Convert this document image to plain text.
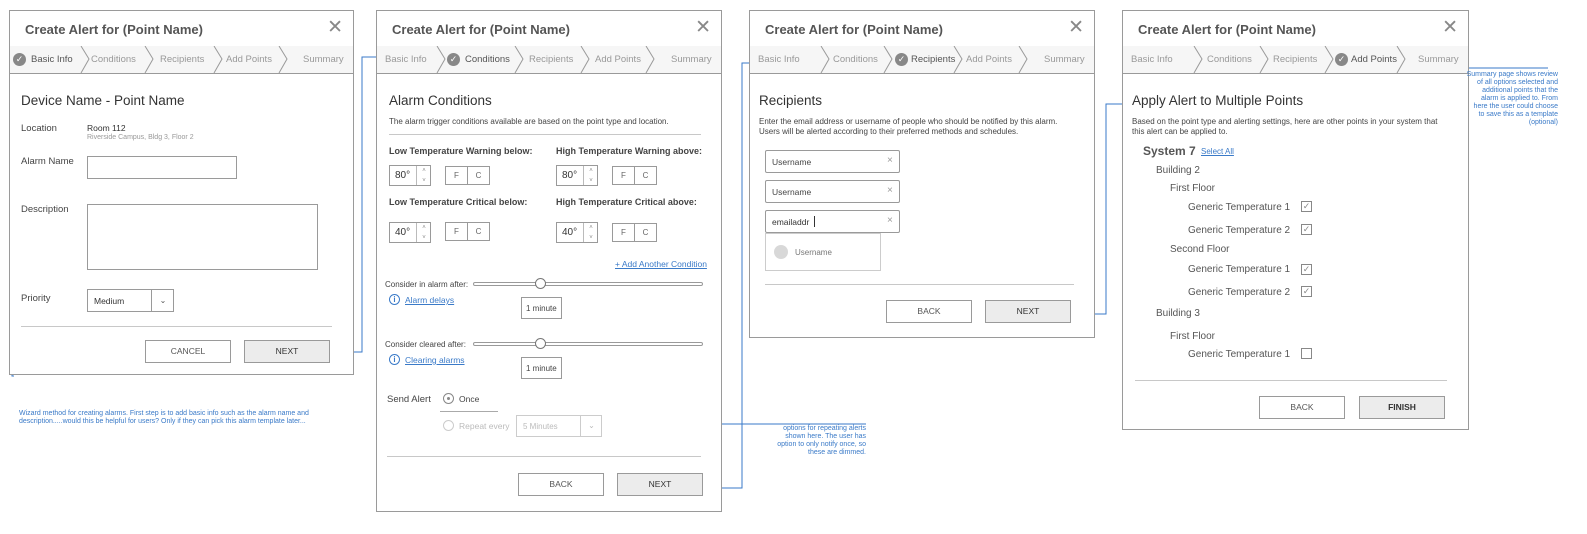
Create Alert for (Point Name)	✕
✓ Basic Info Conditions	Recipients Add Points	Summary
Device Name - Point Name
Location	Room 112
Riverside Campus, Bldg 3, Floor 2
Alarm Name
Description
Priority	Medium	⌄
CANCEL	NEXT
Wizard method for creating alarms. First step is to add basic info such as the alarm name and
description.....would this be helpful for users? Only if they can pick this alarm template later...
Create Alert for (Point Name)	✕
Basic Info	✓ Conditions Recipients Add Points	Summary
Alarm Conditions
The alarm trigger conditions available are based on the point type and location.
Low Temperature Warning below:
80°	˄
˅
F	C
High Temperature Warning above:
80°	˄
˅
F	C
Low Temperature Critical below:
40°	˄
˅
F	C
High Temperature Critical above:
40°	˄
˅
F	C
+ Add Another Condition
Consider in alarm after:
i	Alarm delays
1 minute
Consider cleared after:
i	Clearing alarms
1 minute
Send Alert	Once
Repeat every 5 Minutes	⌄
BACK	NEXT
options for repeating alerts
shown here. The user has
option to only notify once, so
these are dimmed.
Create Alert for (Point Name)	✕
Basic Info	Conditions	✓ Recipients Add Points	Summary
Recipients
Enter the email address or username of people who should be notified by this alarm.
Users will be alerted according to their preferred methods and schedules.
Username	×
Username	×
emailaddr	×
Username
BACK	NEXT
Create Alert for (Point Name)	✕
Basic Info	Conditions Recipients	✓ Add Points Summary
Apply Alert to Multiple Points
Based on the point type and alerting settings, here are other points in your system that
this alert can be applied to.
System 7 Select All
Building 2
First Floor
Generic Temperature 1 ✓
Generic Temperature 2 ✓
Second Floor
Generic Temperature 1 ✓
Generic Temperature 2 ✓
Building 3
First Floor
Generic Temperature 1
BACK	FINISH
Summary page shows review
of all options selected and
additional points that the
alarm is applied to. From
here the user could choose
to save this as a template
(optional)
